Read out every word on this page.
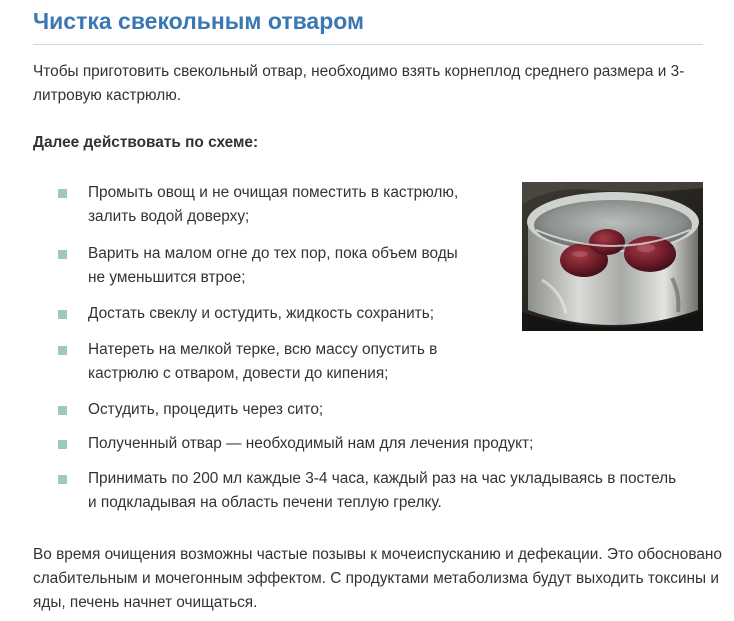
Чистка свекольным отваром

Чтобы приготовить свекольный отвар, необходимо взять корнеплод среднего размера и 3-литровую кастрюлю.

Далее действовать по схеме:

Промыть овощ и не очищая поместить в кастрюлю,
залить водой доверху;
Варить на малом огне до тех пор, пока объем воды
не уменьшится втрое;
Достать свеклу и остудить, жидкость сохранить;
Натереть на мелкой терке, всю массу опустить в
кастрюлю с отваром, довести до кипения;
Остудить, процедить через сито;
Полученный отвар — необходимый нам для лечения продукт;
Принимать по 200 мл каждые 3-4 часа, каждый раз на час укладываясь в постель
и подкладывая на область печени теплую грелку.

Во время очищения возможны частые позывы к мочеиспусканию и дефекации. Это обосновано слабительным и мочегонным эффектом. С продуктами метаболизма будут выходить токсины и яды, печень начнет очищаться.
